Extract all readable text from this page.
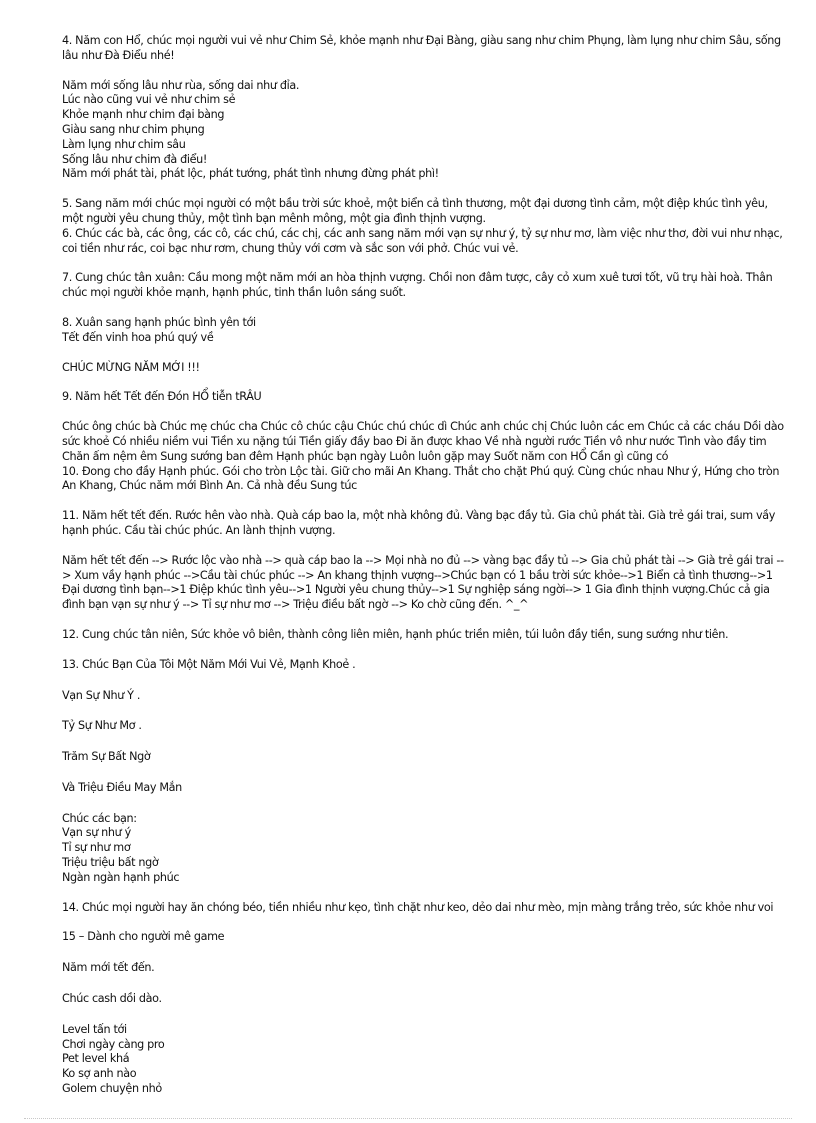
4. Năm con Hổ, chúc mọi người vui vẻ như Chim Sẻ, khỏe mạnh như Đại Bàng, giàu sang như chim Phụng, làm lụng như chim Sâu, sống lâu như Đà Điểu nhé!

Năm mới sống lâu như rùa, sống dai như đỉa.
Lúc nào cũng vui vẻ như chim sẻ
Khỏe mạnh như chim đại bàng
Giàu sang như chim phụng
Làm lụng như chim sâu
Sống lâu như chim đà điểu!
Năm mới phát tài, phát lộc, phát tướng, phát tình nhưng đừng phát phì!

5. Sang năm mới chúc mọi người có một bầu trời sức khoẻ, một biển cả tình thương, một đại dương tình cảm, một điệp khúc tình yêu, một người yêu chung thủy, một tình bạn mênh mông, một gia đình thịnh vượng.
6. Chúc các bà, các ông, các cô, các chú, các chị, các anh sang năm mới vạn sự như ý, tỷ sự như mơ, làm việc như thơ, đời vui như nhạc, coi tiền như rác, coi bạc như rơm, chung thủy với cơm và sắc son với phở. Chúc vui vẻ.

7. Cung chúc tân xuân: Cầu mong một năm mới an hòa thịnh vượng. Chồi non đâm tược, cây cỏ xum xuê tươi tốt, vũ trụ hài hoà. Thân chúc mọi người khỏe mạnh, hạnh phúc, tinh thần luôn sáng suốt.

8. Xuân sang hạnh phúc bình yên tới
Tết đến vinh hoa phú quý về

CHÚC MỪNG NĂM MỚI !!!

9. Năm hết Tết đến Đón HỔ tiễn tRÂU

Chúc ông chúc bà Chúc mẹ chúc cha Chúc cô chúc cậu Chúc chú chúc dì Chúc anh chúc chị Chúc luôn các em Chúc cả các cháu Dồi dào sức khoẻ Có nhiều niềm vui Tiền xu nặng túi Tiền giấy đầy bao Đi ăn được khao Về nhà người rước Tiền vô như nước Tình vào đầy tim Chăn ấm nệm êm Sung sướng ban đêm Hạnh phúc bạn ngày Luôn luôn gặp may Suốt năm con HỔ Cần gì cũng có
10. Đong cho đầy Hạnh phúc. Gói cho tròn Lộc tài. Giữ cho mãi An Khang. Thắt cho chặt Phú quý. Cùng chúc nhau Như ý, Hứng cho tròn An Khang, Chúc năm mới Bình An. Cả nhà đều Sung túc

11. Năm hết tết đến. Rước hên vào nhà. Quà cáp bao la, một nhà không đủ. Vàng bạc đầy tủ. Gia chủ phát tài. Già trẻ gái trai, sum vầy hạnh phúc. Cầu tài chúc phúc. An lành thịnh vượng.

Năm hết tết đến --> Rước lộc vào nhà --> quà cáp bao la --> Mọi nhà no đủ --> vàng bạc đầy tủ --> Gia chủ phát tài --> Già trẻ gái trai --> Xum vầy hạnh phúc -->Cầu tài chúc phúc --> An khang thịnh vượng-->Chúc bạn có 1 bầu trời sức khỏe-->1 Biển cả tình thương-->1 Đại dương tình bạn-->1 Điệp khúc tình yêu-->1 Người yêu chung thủy-->1 Sự nghiệp sáng ngời--> 1 Gia đình thịnh vượng.Chúc cả gia đình bạn vạn sự như ý --> Tỉ sự như mơ --> Triệu điều bất ngờ --> Ko chờ cũng đến. ^_^

12. Cung chúc tân niên, Sức khỏe vô biên, thành công liên miên, hạnh phúc triền miên, túi luôn đầy tiền, sung sướng như tiên.

13. Chúc Bạn Của Tôi Một Năm Mới Vui Vẻ, Mạnh Khoẻ .

Vạn Sự Như Ý .

Tỷ Sự Như Mơ .

Trăm Sự Bất Ngờ

Và Triệu Điều May Mắn

Chúc các bạn:
Vạn sự như ý
Tỉ sự như mơ
Triệu triệu bất ngờ
Ngàn ngàn hạnh phúc

14. Chúc mọi người hay ăn chóng béo, tiền nhiều như kẹo, tình chặt như keo, dẻo dai như mèo, mịn màng trắng trẻo, sức khỏe như voi

15 – Dành cho người mê game

Năm mới tết đến.

Chúc cash dồi dào.

Level tấn tới
Chơi ngày càng pro
Pet level khá
Ko sợ anh nào
Golem chuyện nhỏ
